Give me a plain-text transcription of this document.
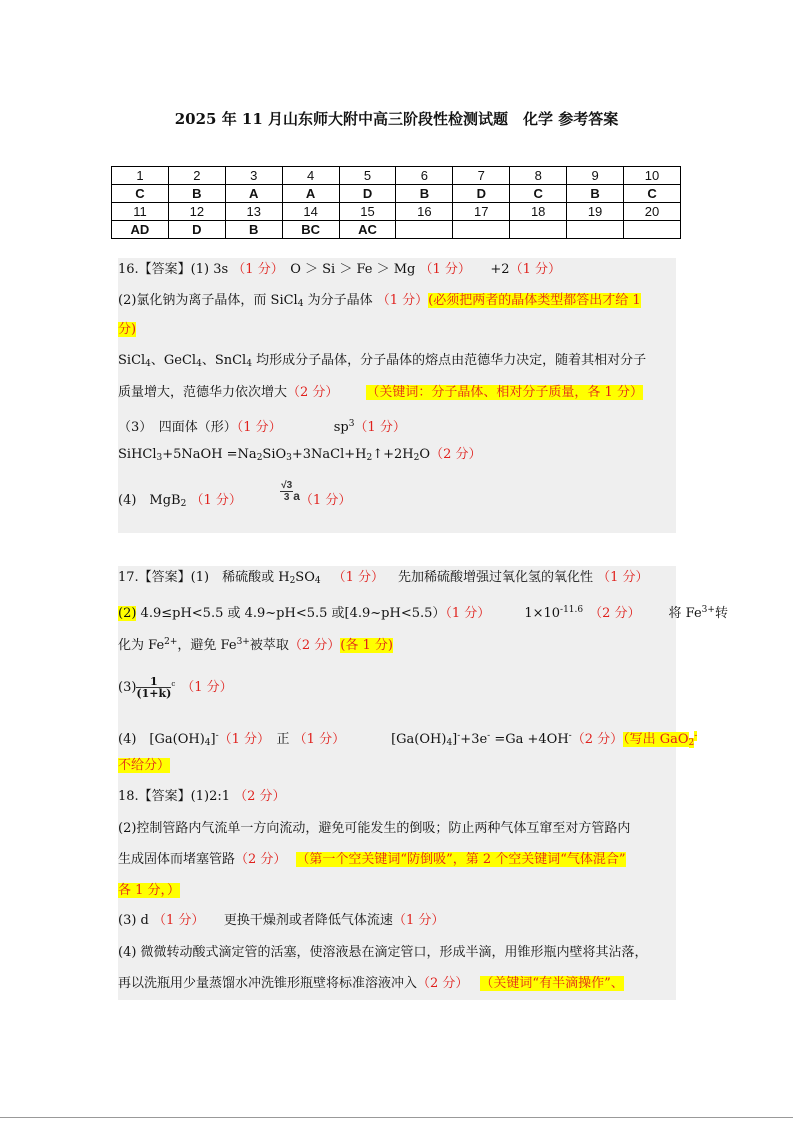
2025 年 11 月山东师大附中高三阶段性检测试题　化学 参考答案
1	2	3	4	5	6	7	8	9	10
C	B	A	A	D	B	D	C	B	C
11	12	13	14	15	16	17	18	19	20
AD	D	B	BC	AC					
16.【答案】(1) 3s （1 分）　O ＞ Si ＞ Fe ＞ Mg （1 分）　　+2（1 分）
(2)氯化钠为离子晶体，而 SiCl$_4$ 为分子晶体 （1 分）(必须把两者的晶体类型都答出才给 1
分)
SiCl$_4$、GeCl$_4$、SnCl$_4$ 均形成分子晶体，分子晶体的熔点由范德华力决定，随着其相对分子
质量增大，范德华力依次增大（2 分） （关键词：分子晶体、相对分子质量，各 1 分）
（3）　四面体（形）（1 分）	$sp^3(1$ 分）
SiHCl$_3$+5NaOH $=Na_2SiO_3+3NaCl+H_2↑+2H_2O(2$ 分）
(4)　MgB$_2$ （1 分）	$\frac{√3}{3}a(1$ 分）
17.【答案】(1)　稀硫酸或 $H_2SO_4$ （1 分） 先加稀硫酸增强过氧化氢的氧化性 （1 分）
(2) 4.9≤pH<5.5 或 4.9~pH<5.5 或[4.9~pH<5.5）（1 分）	$1\times 10^{-11.6}$ （2 分） 将 $Fe^{3+}$转
化为 $Fe^{2+}$，避免 $Fe^{3+}$被萃取（2 分）(各 1 分)
$(3) \frac{1}{(1+k)}^c$ （1 分）
(4)　$[Ga(OH)_4]^-(1$ 分）　正 （1 分）　　$[Ga(OH)_4]^-+3e^- =Ga +4OH^-(2$ 分）（写出 GaO$_2$-
不给分）
18.【答案】(1)2:1 （2 分）
(2)控制管路内气流单一方向流动，避免可能发生的倒吸；防止两种气体互窜至对方管路内
生成固体而堵塞管路（2 分） （第一个空关键词“防倒吸”，第 2 个空关键词“气体混合”
各 1 分，）
(3) d （1 分）　　更换干燥剂或者降低气体流速（1 分）
(4) 微微转动酸式滴定管的活塞，使溶液悬在滴定管口，形成半滴，用锥形瓶内壁将其沾落，
再以洗瓶用少量蒸馏水冲洗锥形瓶壁将标准溶液冲入（2 分） （关键词“有半滴操作”、
